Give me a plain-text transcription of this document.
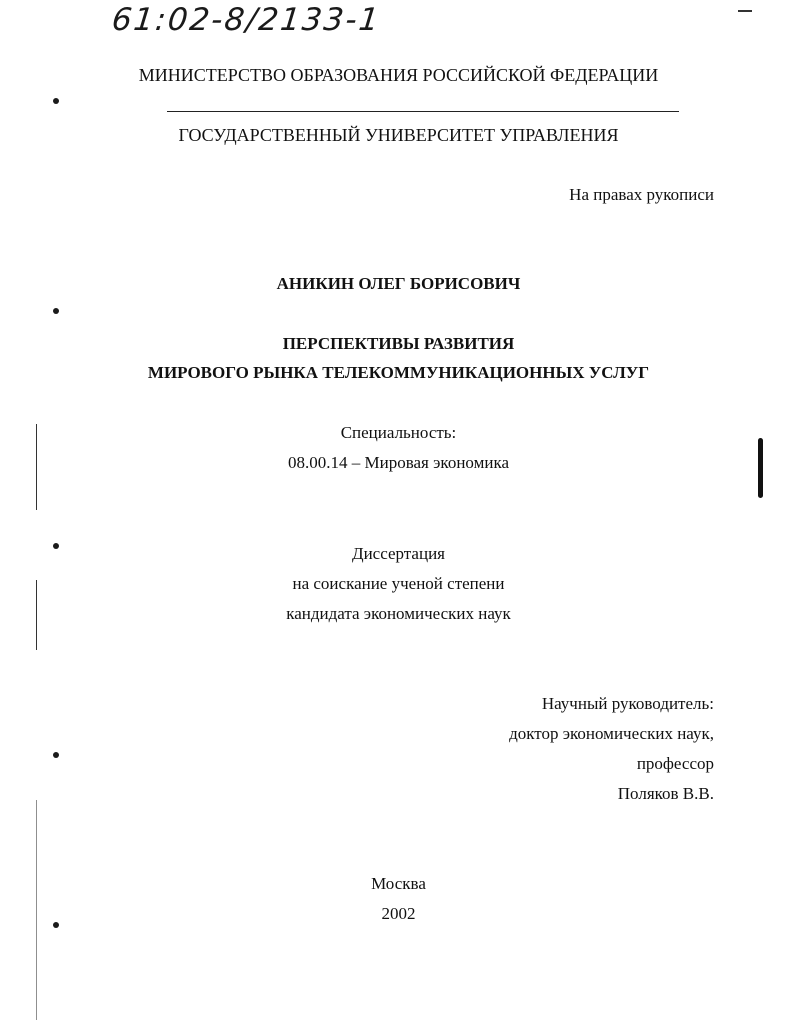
61:02-8/2133-1
МИНИСТЕРСТВО ОБРАЗОВАНИЯ РОССИЙСКОЙ ФЕДЕРАЦИИ
ГОСУДАРСТВЕННЫЙ УНИВЕРСИТЕТ УПРАВЛЕНИЯ
На правах рукописи
АНИКИН ОЛЕГ БОРИСОВИЧ
ПЕРСПЕКТИВЫ РАЗВИТИЯ
МИРОВОГО РЫНКА ТЕЛЕКОММУНИКАЦИОННЫХ УСЛУГ
Специальность:
08.00.14 – Мировая экономика
Диссертация
на соискание ученой степени
кандидата экономических наук
Научный руководитель:
доктор экономических наук,
профессор
Поляков В.В.
Москва
2002
